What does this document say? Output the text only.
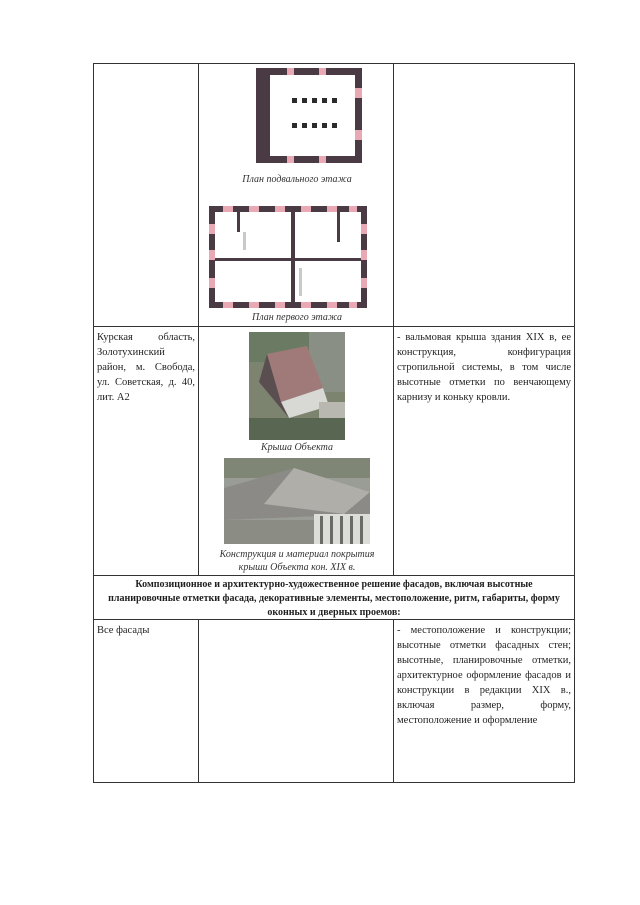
План подвального этажа
План первого этажа
Курская область, Золотухинский район, м. Свобода, ул. Советская, д. 40, лит. А2
Крыша Объекта
Конструкция и материал покрытия
крыши Объекта кон. XIX в.
- вальмовая крыша здания XIX в, ее конструкция, конфигурация стропильной системы, в том числе высотные отметки по венчающему карнизу и коньку кровли.
Композиционное и архитектурно-художественное решение фасадов, включая высотные планировочные отметки фасада, декоративные элементы, местоположение, ритм, габариты, форму оконных и дверных проемов:
Все фасады	- местоположение и конструкции; высотные отметки фасадных стен; высотные, планировочные отметки, архитектурное оформление фасадов и конструкции в редакции XIX в., включая размер, форму, местоположение и оформление
